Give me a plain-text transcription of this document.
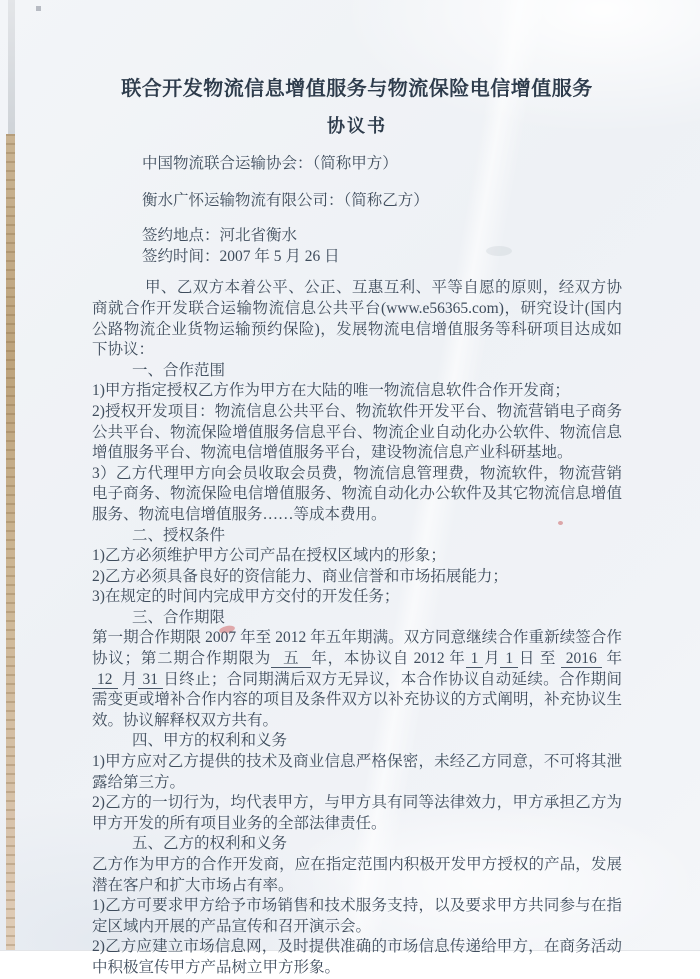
联合开发物流信息增值服务与物流保险电信增值服务
协议书

中国物流联合运输协会：（简称甲方）

衡水广怀运输物流有限公司：（简称乙方）

签约地点：河北省衡水

签约时间：2007 年 5 月 26 日

甲、乙双方本着公平、公正、互惠互利、平等自愿的原则，经双方协商就合作开发联合运输物流信息公共平台(www.e56365.com)，研究设计(国内公路物流企业货物运输预约保险)，发展物流电信增值服务等科研项目达成如下协议：

一、合作范围

1)甲方指定授权乙方作为甲方在大陆的唯一物流信息软件合作开发商；

2)授权开发项目：物流信息公共平台、物流软件开发平台、物流营销电子商务公共平台、物流保险增值服务信息平台、物流企业自动化办公软件、物流信息增值服务平台、物流电信增值服务平台，建设物流信息产业科研基地。

3）乙方代理甲方向会员收取会员费，物流信息管理费，物流软件，物流营销电子商务、物流保险电信增值服务、物流自动化办公软件及其它物流信息增值服务、物流电信增值服务……等成本费用。

二、授权条件

1)乙方必须维护甲方公司产品在授权区域内的形象；

2)乙方必须具备良好的资信能力、商业信誉和市场拓展能力；

3)在规定的时间内完成甲方交付的开发任务；

三、合作期限

第一期合作期限 2007 年至 2012 年五年期满。双方同意继续合作重新续签合作协议；第二期合作期限为 五 年，本协议自 2012 年 1 月 1 日 至 2016 年12 月 31 日终止；合同期满后双方无异议，本合作协议自动延续。合作期间需变更或增补合作内容的项目及条件双方以补充协议的方式阐明，补充协议生效。协议解释权双方共有。

四、甲方的权利和义务

1)甲方应对乙方提供的技术及商业信息严格保密，未经乙方同意，不可将其泄露给第三方。

2)乙方的一切行为，均代表甲方，与甲方具有同等法律效力，甲方承担乙方为甲方开发的所有项目业务的全部法律责任。

五、乙方的权利和义务

乙方作为甲方的合作开发商，应在指定范围内积极开发甲方授权的产品，发展潜在客户和扩大市场占有率。

1)乙方可要求甲方给予市场销售和技术服务支持，以及要求甲方共同参与在指定区域内开展的产品宣传和召开演示会。

2)乙方应建立市场信息网，及时提供准确的市场信息传递给甲方，在商务活动中积极宣传甲方产品树立甲方形象。
